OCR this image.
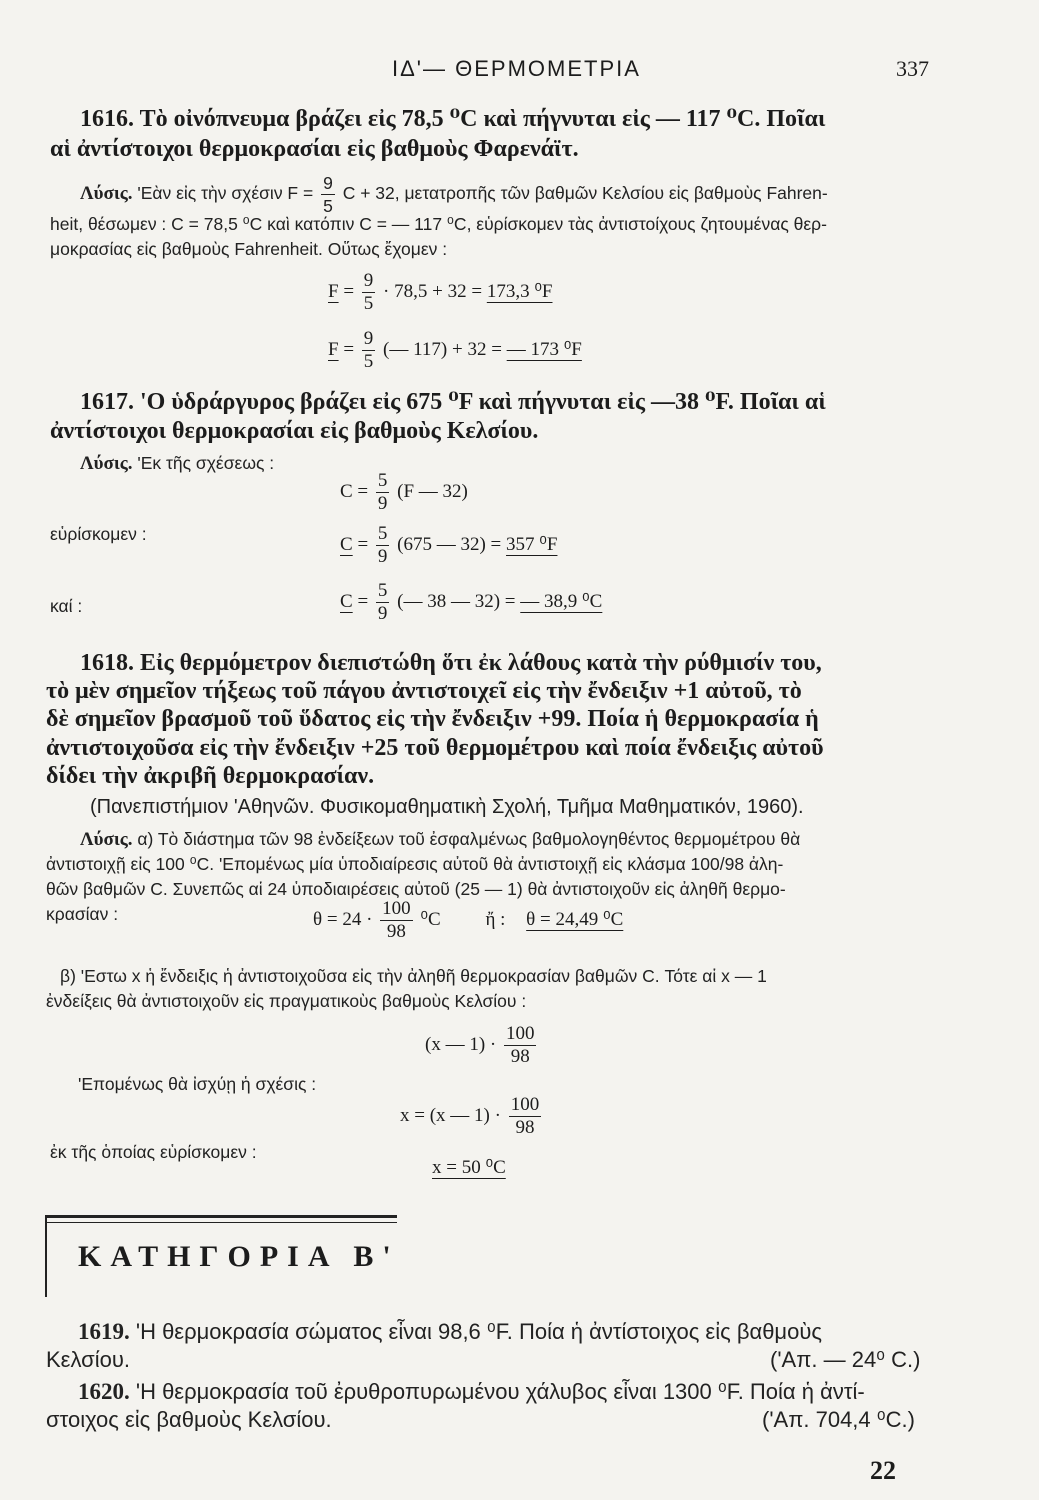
ΙΔ'— ΘΕΡΜΟΜΕΤΡΙΑ	337
1616. Τὸ οἰνόπνευμα βράζει εἰς 78,5 ⁰C καὶ πήγνυται εἰς — 117 ⁰C. Ποῖαι
αἱ ἀντίστοιχοι θερμοκρασίαι εἰς βαθμοὺς Φαρενάϊτ.
Λύσις. 'Εὰν εἰς τὴν σχέσιν $F = \frac{9}{5}$ C + 32, μετατροπῆς τῶν βαθμῶν Κελσίου εἰς βαθμοὺς Fahren-
heit, θέσωμεν : C = 78,5 ⁰C καὶ κατόπιν C = — 117 ⁰C, εὑρίσκομεν τὰς ἀντιστοίχους ζητουμένας θερ-
μοκρασίας εἰς βαθμοὺς Fahrenheit. Οὕτως ἔχομεν :
$F = \frac{9}{5} \cdot 78,5 + 32 = 173,3$ ⁰F
$F = \frac{9}{5}$ (— 117) + 32 = — 173 ⁰F
1617. 'Ο ὑδράργυρος βράζει εἰς 675 ⁰F καὶ πήγνυται εἰς —38 ⁰F. Ποῖαι αἱ
ἀντίστοιχοι θερμοκρασίαι εἰς βαθμοὺς Κελσίου.
Λύσις. 'Εκ τῆς σχέσεως :
$C = \frac{5}{9} (F$ — 32)
εὑρίσκομεν :	$C = \frac{5}{9} (675$ — 32) = 357 ⁰F
καί :	$C = \frac{5}{9}$ (— 38 — 32) = — 38,9 ⁰C
1618. Εἰς θερμόμετρον διεπιστώθη ὅτι ἐκ λάθους κατὰ τὴν ρύθμισίν του,
τὸ μὲν σημεῖον τήξεως τοῦ πάγου ἀντιστοιχεῖ εἰς τὴν ἔνδειξιν +1 αὐτοῦ, τὸ
δὲ σημεῖον βρασμοῦ τοῦ ὕδατος εἰς τὴν ἔνδειξιν +99. Ποία ἡ θερμοκρασία ἡ
ἀντιστοιχοῦσα εἰς τὴν ἔνδειξιν +25 τοῦ θερμομέτρου καὶ ποία ἔνδειξις αὐτοῦ
δίδει τὴν ἀκριβῆ θερμοκρασίαν.
(Πανεπιστήμιον 'Αθηνῶν. Φυσικομαθηματικὴ Σχολή, Τμῆμα Μαθηματικόν, 1960).
Λύσις. α) Τὸ διάστημα τῶν 98 ἐνδείξεων τοῦ ἐσφαλμένως βαθμολογηθέντος θερμομέτρου θὰ
ἀντιστοιχῇ εἰς 100 ⁰C. 'Επομένως μία ὑποδιαίρεσις αὐτοῦ θὰ ἀντιστοιχῇ εἰς κλάσμα 100/98 ἀλη-
θῶν βαθμῶν C. Συνεπῶς αἱ 24 ὑποδιαιρέσεις αὐτοῦ (25 — 1) θὰ ἀντιστοιχοῦν εἰς ἀληθῆ θερμο-
κρασίαν :	$\theta = 24 \cdot \frac{100}{98} ^0C$ ἤ : θ = 24,49 ⁰C
β) 'Εστω x ἡ ἔνδειξις ἡ ἀντιστοιχοῦσα εἰς τὴν ἀληθῆ θερμοκρασίαν βαθμῶν C. Τότε αἱ x — 1
ἐνδείξεις θὰ ἀντιστοιχοῦν εἰς πραγματικοὺς βαθμοὺς Κελσίου :
(x — $1) \cdot \frac{100}{98}$
'Επομένως θὰ ἰσχύῃ ἡ σχέσις :
x = (x — $1) \cdot \frac{100}{98}$
ἐκ τῆς ὁποίας εὑρίσκομεν :
x = 50 ⁰C
ΚΑΤΗΓΟΡΙΑ Β'
1619. 'Η θερμοκρασία σώματος εἶναι 98,6 ⁰F. Ποία ἡ ἀντίστοιχος εἰς βαθμοὺς
Κελσίου.	('Απ. — 24⁰ C.)
1620. 'Η θερμοκρασία τοῦ ἐρυθροπυρωμένου χάλυβος εἶναι 1300 ⁰F. Ποία ἡ ἀντί-
στοιχος εἰς βαθμοὺς Κελσίου.	('Απ. 704,4 ⁰C.)
22
